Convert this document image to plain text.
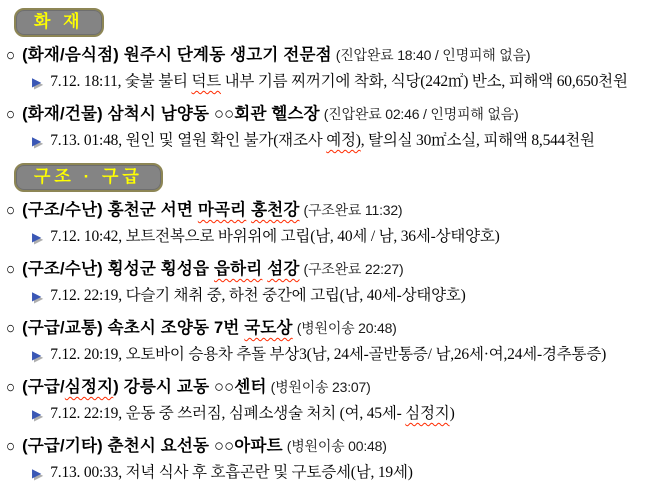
화 재
○ (화재/음식점) 원주시 단계동 생고기 전문점 (진압완료 18:40 / 인명피해 없음)
▶ 7.12. 18:11, 숯불 불티 덕트 내부 기름 찌꺼기에 착화, 식당(242㎡) 반소, 피해액 60,650천원
○ (화재/건물) 삼척시 남양동 ○○회관 헬스장 (진압완료 02:46 / 인명피해 없음)
▶ 7.13. 01:48, 원인 및 열원 확인 불가(재조사 예정), 탈의실 30㎡소실, 피해액 8,544천원
구조 · 구급
○ (구조/수난) 홍천군 서면 마곡리 홍천강 (구조완료 11:32)
▶ 7.12. 10:42, 보트전복으로 바위위에 고립(남, 40세 / 남, 36세-상태양호)
○ (구조/수난) 횡성군 횡성읍 읍하리 섬강 (구조완료 22:27)
▶ 7.12. 22:19, 다슬기 채취 중, 하천 중간에 고립(남, 40세-상태양호)
○ (구급/교통) 속초시 조양동 7번 국도상 (병원이송 20:48)
▶ 7.12. 20:19, 오토바이 승용차 추돌 부상3(남, 24세-골반통증/ 남,26세·여,24세-경추통증)
○ (구급/심정지) 강릉시 교동 ○○센터 (병원이송 23:07)
▶ 7.12. 22:19, 운동 중 쓰러짐, 심폐소생술 처치 (여, 45세- 심정지)
○ (구급/기타) 춘천시 요선동 ○○아파트 (병원이송 00:48)
▶ 7.13. 00:33, 저녁 식사 후 호흡곤란 및 구토증세(남, 19세)
